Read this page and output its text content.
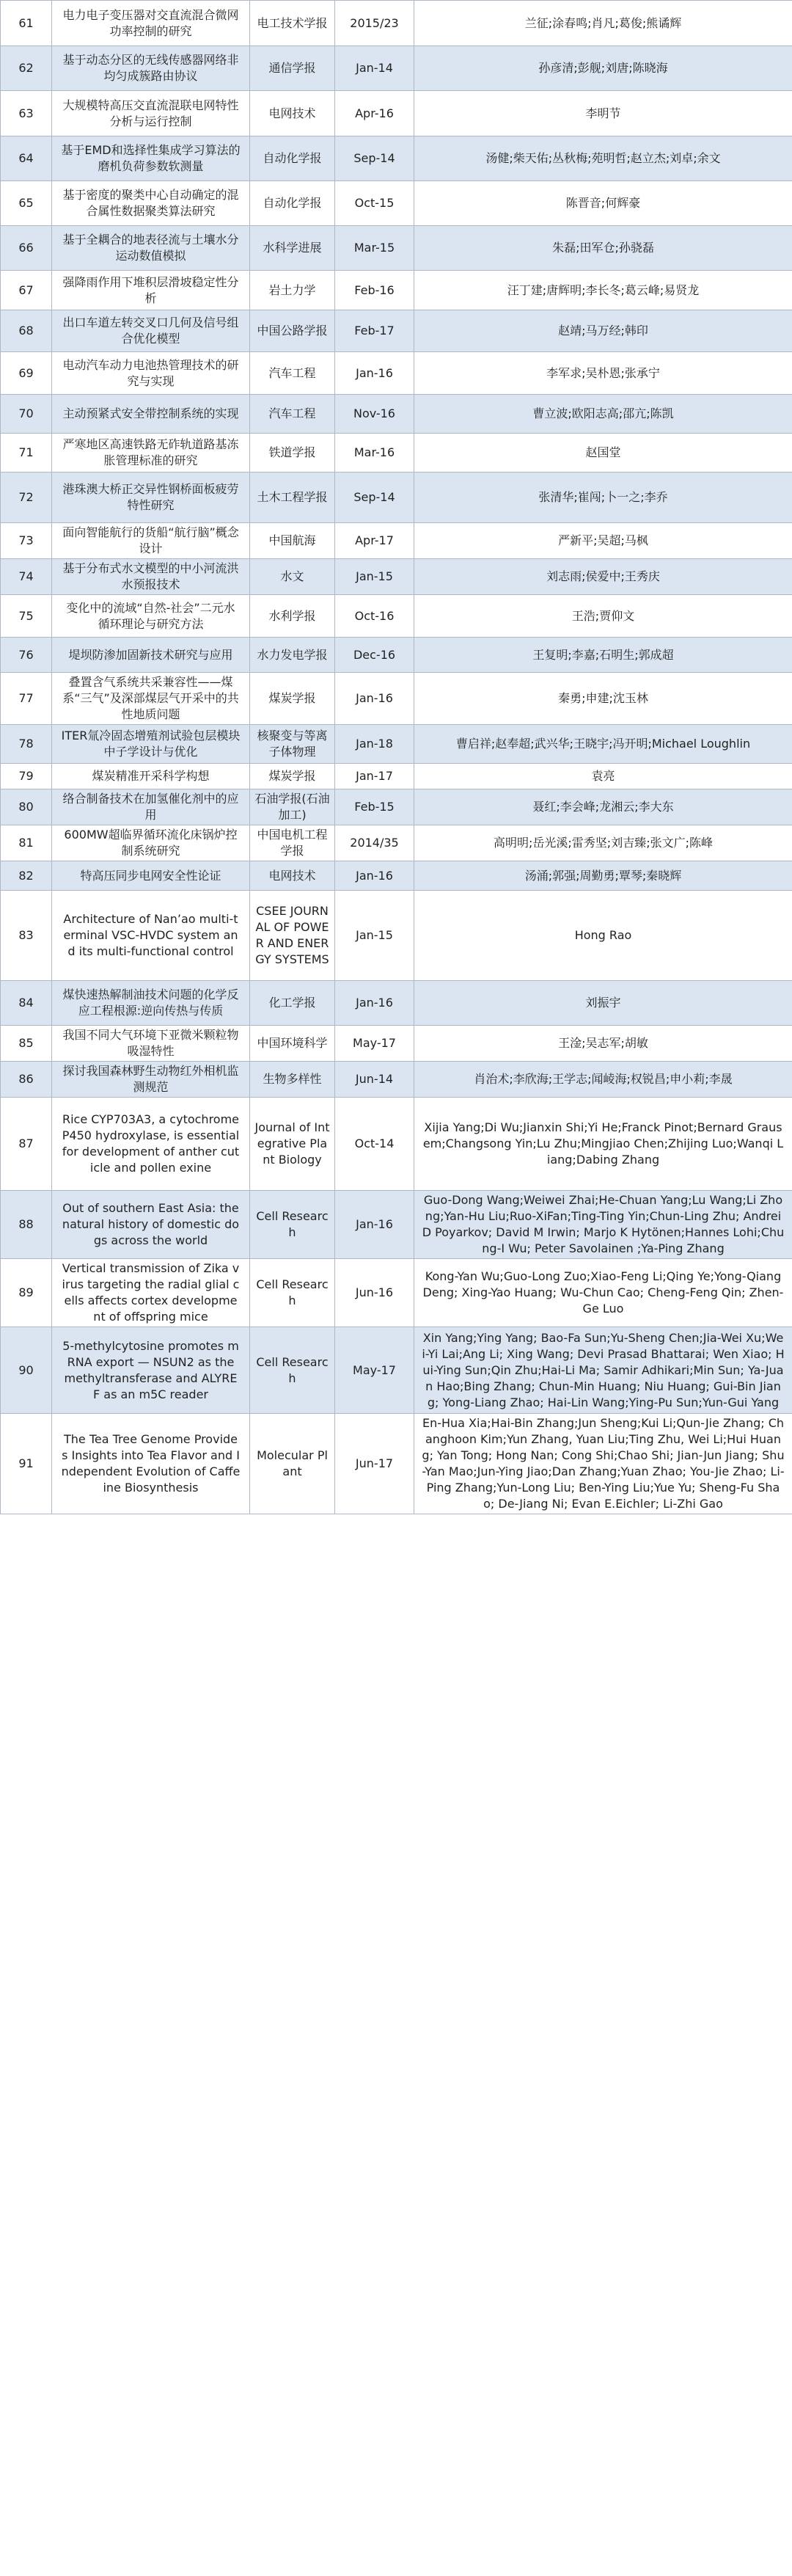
61	电力电子变压器对交直流混合微网功率控制的研究	电工技术学报	2015/23	兰征;涂春鸣;肖凡;葛俊;熊谲辉
62	基于动态分区的无线传感器网络非均匀成簇路由协议	通信学报	Jan-14	孙彦清;彭舰;刘唐;陈晓海
63	大规模特高压交直流混联电网特性分析与运行控制	电网技术	Apr-16	李明节
64	基于EMD和选择性集成学习算法的磨机负荷参数软测量	自动化学报	Sep-14	汤健;柴天佑;丛秋梅;苑明哲;赵立杰;刘卓;余文
65	基于密度的聚类中心自动确定的混合属性数据聚类算法研究	自动化学报	Oct-15	陈晋音;何辉豪
66	基于全耦合的地表径流与土壤水分运动数值模拟	水科学进展	Mar-15	朱磊;田军仓;孙骁磊
67	强降雨作用下堆积层滑坡稳定性分析	岩土力学	Feb-16	汪丁建;唐辉明;李长冬;葛云峰;易贤龙
68	出口车道左转交叉口几何及信号组合优化模型	中国公路学报	Feb-17	赵靖;马万经;韩印
69	电动汽车动力电池热管理技术的研究与实现	汽车工程	Jan-16	李军求;吴朴恩;张承宁
70	主动预紧式安全带控制系统的实现	汽车工程	Nov-16	曹立波;欧阳志高;邵亢;陈凯
71	严寒地区高速铁路无砟轨道路基冻胀管理标准的研究	铁道学报	Mar-16	赵国堂
72	港珠澳大桥正交异性钢桥面板疲劳特性研究	土木工程学报	Sep-14	张清华;崔闯;卜一之;李乔
73	面向智能航行的货船“航行脑”概念设计	中国航海	Apr-17	严新平;吴超;马枫
74	基于分布式水文模型的中小河流洪水预报技术	水文	Jan-15	刘志雨;侯爱中;王秀庆
75	变化中的流域“自然-社会”二元水循环理论与研究方法	水利学报	Oct-16	王浩;贾仰文
76	堤坝防渗加固新技术研究与应用	水力发电学报	Dec-16	王复明;李嘉;石明生;郭成超
77	叠置含气系统共采兼容性——煤系“三气”及深部煤层气开采中的共性地质问题	煤炭学报	Jan-16	秦勇;申建;沈玉林
78	ITER氚冷固态增殖剂试验包层模块中子学设计与优化	核聚变与等离子体物理	Jan-18	曹启祥;赵奉超;武兴华;王晓宇;冯开明;Michael Loughlin
79	煤炭精准开采科学构想	煤炭学报	Jan-17	袁亮
80	络合制备技术在加氢催化剂中的应用	石油学报(石油加工)	Feb-15	聂红;李会峰;龙湘云;李大东
81	600MW超临界循环流化床锅炉控制系统研究	中国电机工程学报	2014/35	高明明;岳光溪;雷秀坚;刘吉臻;张文广;陈峰
82	特高压同步电网安全性论证	电网技术	Jan-16	汤涌;郭强;周勤勇;覃琴;秦晓辉
83	Architecture of Nan’ao multi-terminal VSC-HVDC system and its multi-functional control	CSEE JOURNAL OF POWER AND ENERGY SYSTEMS	Jan-15	Hong Rao
84	煤快速热解制油技术问题的化学反应工程根源:逆向传热与传质	化工学报	Jan-16	刘振宇
85	我国不同大气环境下亚微米颗粒物吸湿特性	中国环境科学	May-17	王淦;吴志军;胡敏
86	探讨我国森林野生动物红外相机监测规范	生物多样性	Jun-14	肖治术;李欣海;王学志;闻崚海;权锐昌;申小莉;李晟
87	Rice CYP703A3, a cytochrome P450 hydroxylase, is essential for development of anther cuticle and pollen exine	Journal of Integrative Plant Biology	Oct-14	Xijia Yang;Di Wu;Jianxin Shi;Yi He;Franck Pinot;Bernard Grausem;Changsong Yin;Lu Zhu;Mingjiao Chen;Zhijing Luo;Wanqi Liang;Dabing Zhang
88	Out of southern East Asia: the natural history of domestic dogs across the world	Cell Research	Jan-16	Guo-Dong Wang;Weiwei Zhai;He-Chuan Yang;Lu Wang;Li Zhong;Yan-Hu Liu;Ruo-XiFan;Ting-Ting Yin;Chun-Ling Zhu; Andrei D Poyarkov; David M Irwin; Marjo K Hytönen;Hannes Lohi;Chung-I Wu; Peter Savolainen ;Ya-Ping Zhang
89	Vertical transmission of Zika virus targeting the radial glial cells affects cortex development of offspring mice	Cell Research	Jun-16	Kong-Yan Wu;Guo-Long Zuo;Xiao-Feng Li;Qing Ye;Yong-Qiang Deng; Xing-Yao Huang; Wu-Chun Cao; Cheng-Feng Qin; Zhen-Ge Luo
90	5-methylcytosine promotes mRNA export — NSUN2 as the methyltransferase and ALYREF as an m5C reader	Cell Research	May-17	Xin Yang;Ying Yang; Bao-Fa Sun;Yu-Sheng Chen;Jia-Wei Xu;Wei-Yi Lai;Ang Li; Xing Wang; Devi Prasad Bhattarai; Wen Xiao; Hui-Ying Sun;Qin Zhu;Hai-Li Ma; Samir Adhikari;Min Sun; Ya-Juan Hao;Bing Zhang; Chun-Min Huang; Niu Huang; Gui-Bin Jiang; Yong-Liang Zhao; Hai-Lin Wang;Ying-Pu Sun;Yun-Gui Yang
91	The Tea Tree Genome Provides Insights into Tea Flavor and Independent Evolution of Caffeine Biosynthesis	Molecular Plant	Jun-17	En-Hua Xia;Hai-Bin Zhang;Jun Sheng;Kui Li;Qun-Jie Zhang; Changhoon Kim;Yun Zhang, Yuan Liu;Ting Zhu, Wei Li;Hui Huang; Yan Tong; Hong Nan; Cong Shi;Chao Shi; Jian-Jun Jiang; Shu-Yan Mao;Jun-Ying Jiao;Dan Zhang;Yuan Zhao; You-Jie Zhao; Li-Ping Zhang;Yun-Long Liu; Ben-Ying Liu;Yue Yu; Sheng-Fu Shao; De-Jiang Ni; Evan E.Eichler; Li-Zhi Gao
